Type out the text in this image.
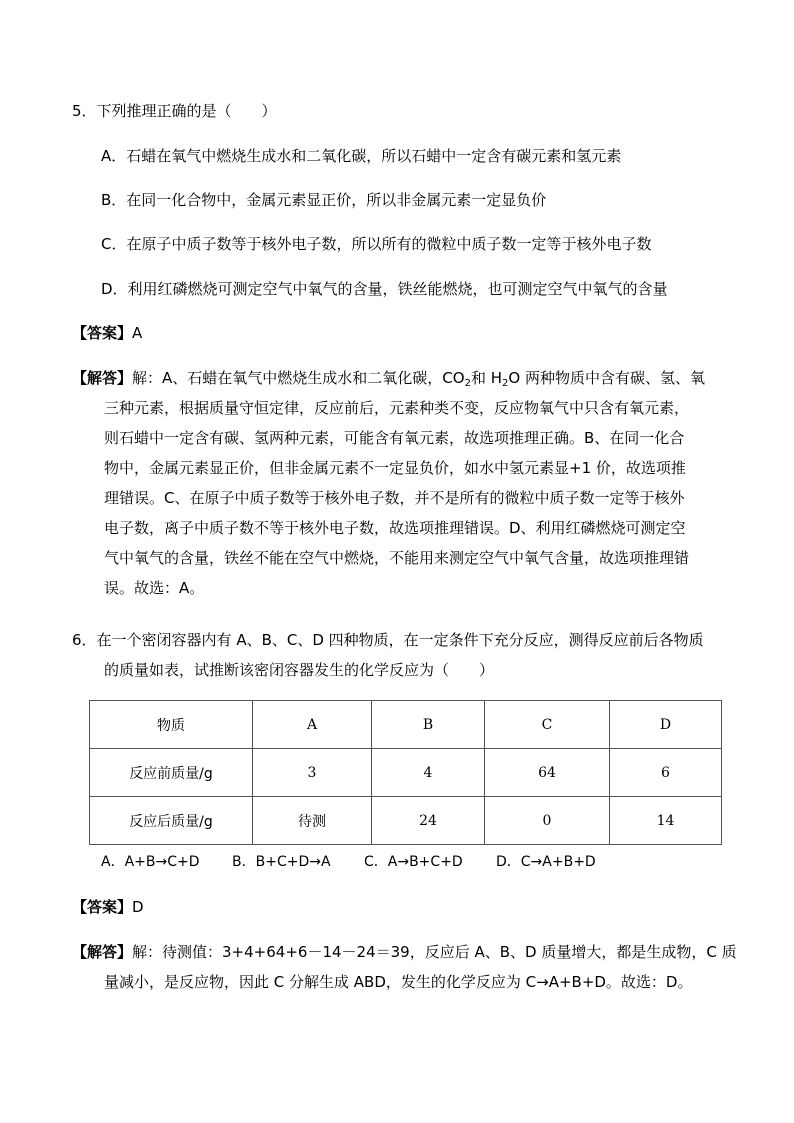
5．下列推理正确的是（　　）
A．石蜡在氧气中燃烧生成水和二氧化碳，所以石蜡中一定含有碳元素和氢元素
B．在同一化合物中，金属元素显正价，所以非金属元素一定显负价
C．在原子中质子数等于核外电子数，所以所有的微粒中质子数一定等于核外电子数
D．利用红磷燃烧可测定空气中氧气的含量，铁丝能燃烧，也可测定空气中氧气的含量
【答案】A
【解答】解：A、石蜡在氧气中燃烧生成水和二氧化碳，$CO_2$和 $H_2O$ 两种物质中含有碳、氢、氧
三种元素，根据质量守恒定律，反应前后，元素种类不变，反应物氧气中只含有氧元素，
则石蜡中一定含有碳、氢两种元素，可能含有氧元素，故选项推理正确。B、在同一化合
物中，金属元素显正价，但非金属元素不一定显负价，如水中氢元素显+1 价，故选项推
理错误。C、在原子中质子数等于核外电子数，并不是所有的微粒中质子数一定等于核外
电子数，离子中质子数不等于核外电子数，故选项推理错误。D、利用红磷燃烧可测定空
气中氧气的含量，铁丝不能在空气中燃烧，不能用来测定空气中氧气含量，故选项推理错
误。故选：A。
6．在一个密闭容器内有 A、B、C、D 四种物质，在一定条件下充分反应，测得反应前后各物质
的质量如表，试推断该密闭容器发生的化学反应为（　　）
物质	A	B	C	D
反应前质量/g	3	4	64	6
反应后质量/g	待测	24	0	14
A．A+B→C+D B．B+C+D→A C．A→B+C+D D．C→A+B+D
【答案】D
【解答】解：待测值：3+4+64+6－14－24＝39，反应后 A、B、D 质量增大，都是生成物，C 质
量减小，是反应物，因此 C 分解生成 ABD，发生的化学反应为 C→A+B+D。故选：D。
